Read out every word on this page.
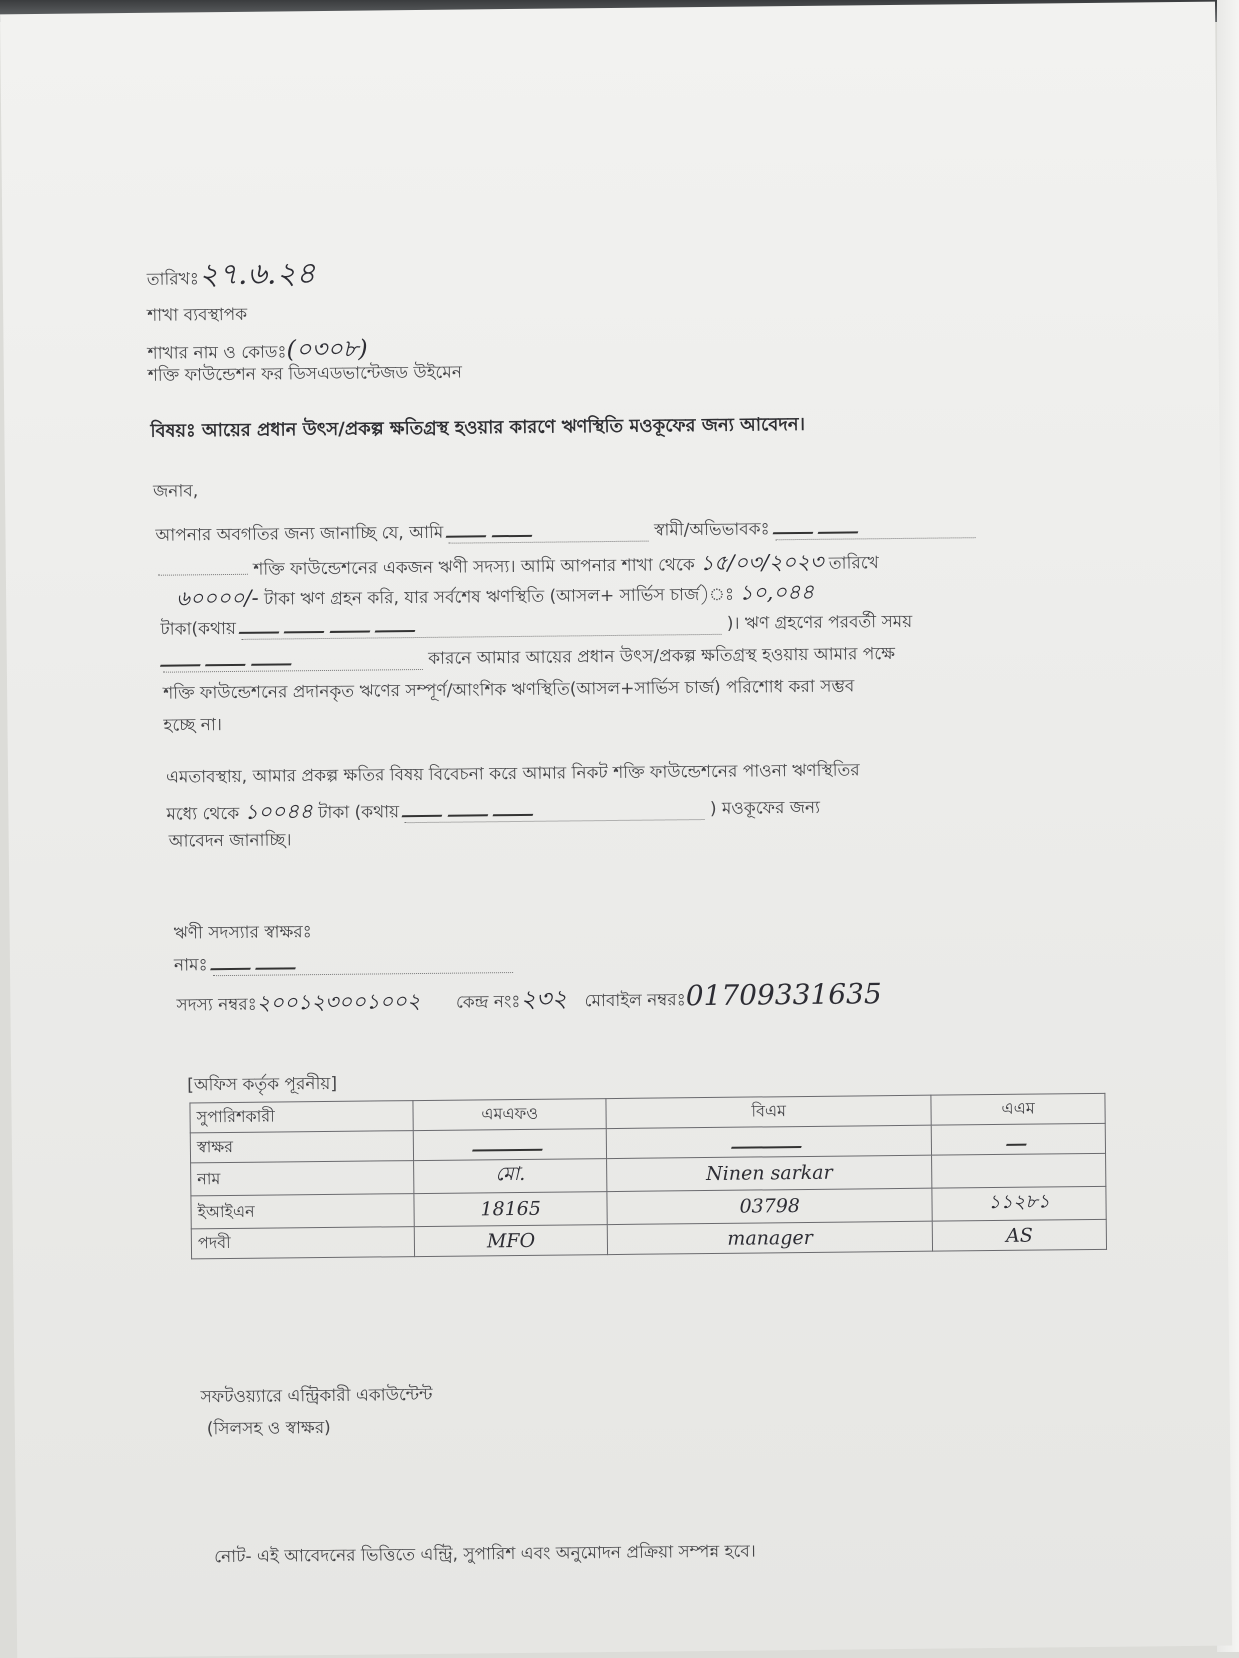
তারিখঃ২৭.৬.২৪
শাখা ব্যবস্থাপক
শাখার নাম ও কোডঃ(০৩০৮)
শক্তি ফাউন্ডেশন ফর ডিসএডভান্টেজড উইমেন
বিষয়ঃ আয়ের প্রধান উৎস/প্রকল্প ক্ষতিগ্রস্থ হওয়ার কারণে ঋণস্থিতি মওকূফের জন্য আবেদন।
জনাব,
আপনার অবগতির জন্য জানাচ্ছি যে, আমি	স্বামী/অভিভাবকঃ
শক্তি ফাউন্ডেশনের একজন ঋণী সদস্য। আমি আপনার শাখা থেকে ১৫/০৩/২০২৩ তারিখে
৬০০০০/- টাকা ঋণ গ্রহন করি, যার সর্বশেষ ঋণস্থিতি (আসল+ সার্ভিস চার্জ)ঃ ১০,০৪৪
টাকা(কথায়	)। ঋণ গ্রহণের পরবর্তী সময়
কারনে আমার আয়ের প্রধান উৎস/প্রকল্প ক্ষতিগ্রস্থ হওয়ায় আমার পক্ষে
শক্তি ফাউন্ডেশনের প্রদানকৃত ঋণের সম্পূর্ণ/আংশিক ঋণস্থিতি(আসল+সার্ভিস চার্জ) পরিশোধ করা সম্ভব
হচ্ছে না।
এমতাবস্থায়, আমার প্রকল্প ক্ষতির বিষয় বিবেচনা করে আমার নিকট শক্তি ফাউন্ডেশনের পাওনা ঋণস্থিতির
মধ্যে থেকে ১০০৪৪ টাকা (কথায়	) মওকূফের জন্য
আবেদন জানাচ্ছি।
ঋণী সদস্যার স্বাক্ষরঃ
নামঃ
সদস্য নম্বরঃ২০০১২৩০০১০০২ কেন্দ্র নংঃ২৩২ মোবাইল নম্বরঃ01709331635
[অফিস কর্তৃক পূরনীয়]
সুপারিশকারী	এমএফও	বিএম	এএম
স্বাক্ষর			
নাম	মো.	Ninen sarkar	
ইআইএন	18165	03798	১১২৮১
পদবী	MFO	manager	AS
সফটওয়্যারে এন্ট্রিকারী একাউন্টেন্ট
(সিলসহ ও স্বাক্ষর)
নোট- এই আবেদনের ভিত্তিতে এন্ট্রি, সুপারিশ এবং অনুমোদন প্রক্রিয়া সম্পন্ন হবে।
